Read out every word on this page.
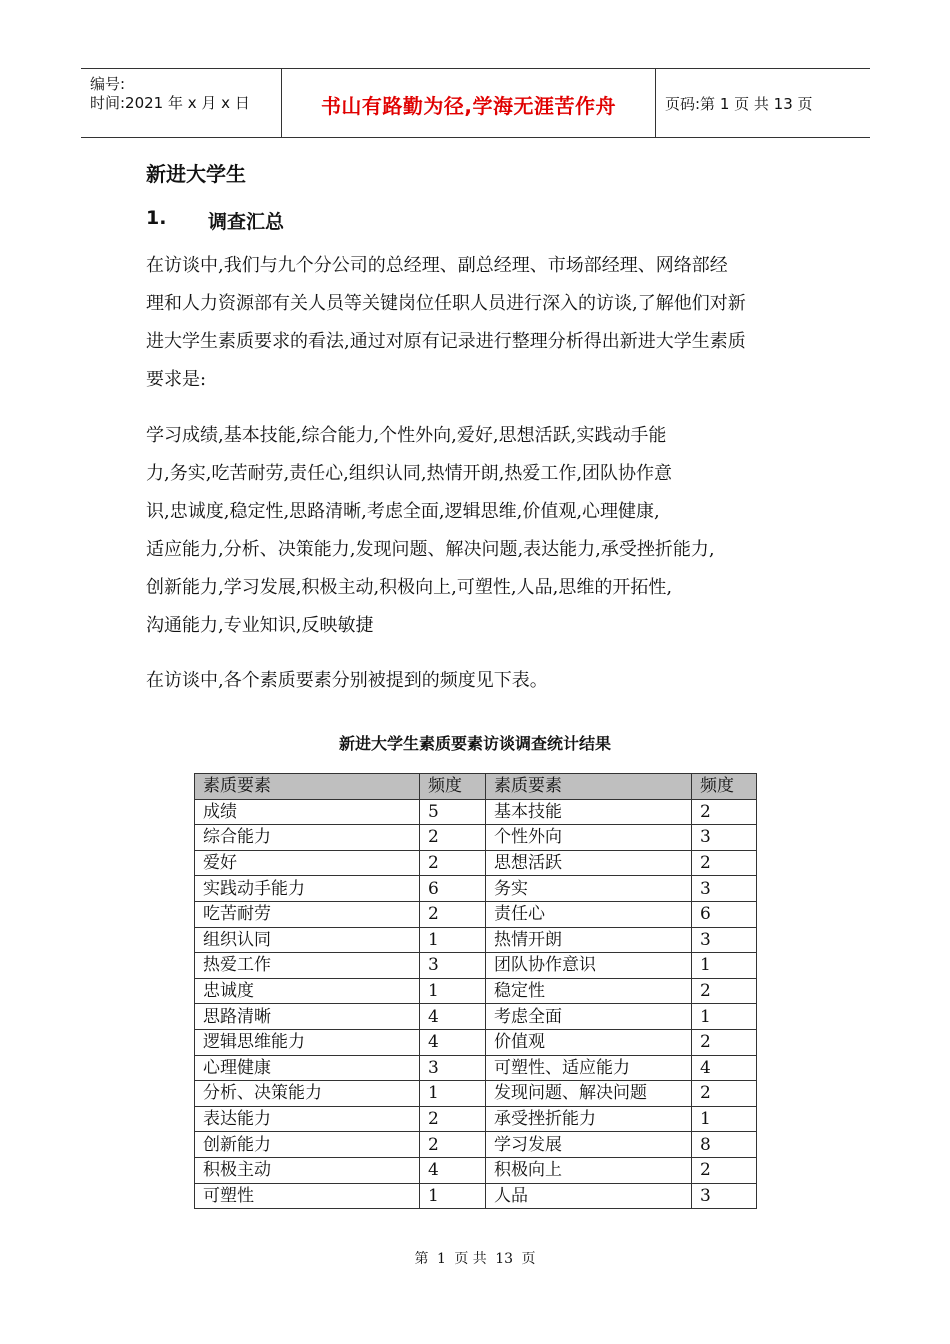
编号:
时间:2021 年 x 月 x 日	书山有路勤为径,学海无涯苦作舟	页码:第 1 页 共 13 页
新进大学生
1. 调查汇总
在访谈中,我们与九个分公司的总经理、副总经理、市场部经理、网络部经
理和人力资源部有关人员等关键岗位任职人员进行深入的访谈,了解他们对新
进大学生素质要求的看法,通过对原有记录进行整理分析得出新进大学生素质
要求是:
学习成绩,基本技能,综合能力,个性外向,爱好,思想活跃,实践动手能
力,务实,吃苦耐劳,责任心,组织认同,热情开朗,热爱工作,团队协作意
识,忠诚度,稳定性,思路清晰,考虑全面,逻辑思维,价值观,心理健康,
适应能力,分析、决策能力,发现问题、解决问题,表达能力,承受挫折能力,
创新能力,学习发展,积极主动,积极向上,可塑性,人品,思维的开拓性,
沟通能力,专业知识,反映敏捷
在访谈中,各个素质要素分别被提到的频度见下表。
新进大学生素质要素访谈调查统计结果
素质要素	频度	素质要素	频度
成绩	5	基本技能	2
综合能力	2	个性外向	3
爱好	2	思想活跃	2
实践动手能力	6	务实	3
吃苦耐劳	2	责任心	6
组织认同	1	热情开朗	3
热爱工作	3	团队协作意识	1
忠诚度	1	稳定性	2
思路清晰	4	考虑全面	1
逻辑思维能力	4	价值观	2
心理健康	3	可塑性、适应能力	4
分析、决策能力	1	发现问题、解决问题	2
表达能力	2	承受挫折能力	1
创新能力	2	学习发展	8
积极主动	4	积极向上	2
可塑性	1	人品	3
第 1 页 共 13 页
